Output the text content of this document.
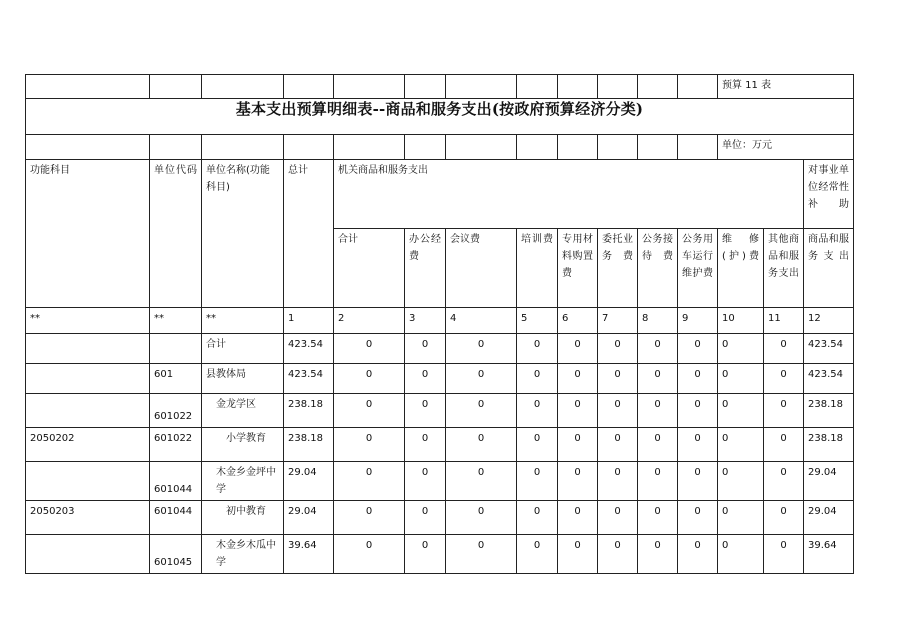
												预算 11 表		
基本支出预算明细表--商品和服务支出(按政府预算经济分类)														
												单位：万元		
功能科目	单位代码	单位名称(功能科目)	总计	机关商品和服务支出										对事业单位经常性补助
				合计	办公经费	会议费	培训费	专用材料购置费	委托业务费	公务接待费	公务用车运行维护费	维修(护)费	其他商品和服务支出	商品和服务支出
**	**	**	1	2	3	4	5	6	7	8	9	10	11	12
		合计	423.54	0	0	0	0	0	0	0	0	0	0	423.54
	601	县教体局	423.54	0	0	0	0	0	0	0	0	0	0	423.54
	601022	金龙学区	238.18	0	0	0	0	0	0	0	0	0	0	238.18
2050202	601022	小学教育	238.18	0	0	0	0	0	0	0	0	0	0	238.18
	601044	木金乡金坪中学	29.04	0	0	0	0	0	0	0	0	0	0	29.04
2050203	601044	初中教育	29.04	0	0	0	0	0	0	0	0	0	0	29.04
	601045	木金乡木瓜中学	39.64	0	0	0	0	0	0	0	0	0	0	39.64
